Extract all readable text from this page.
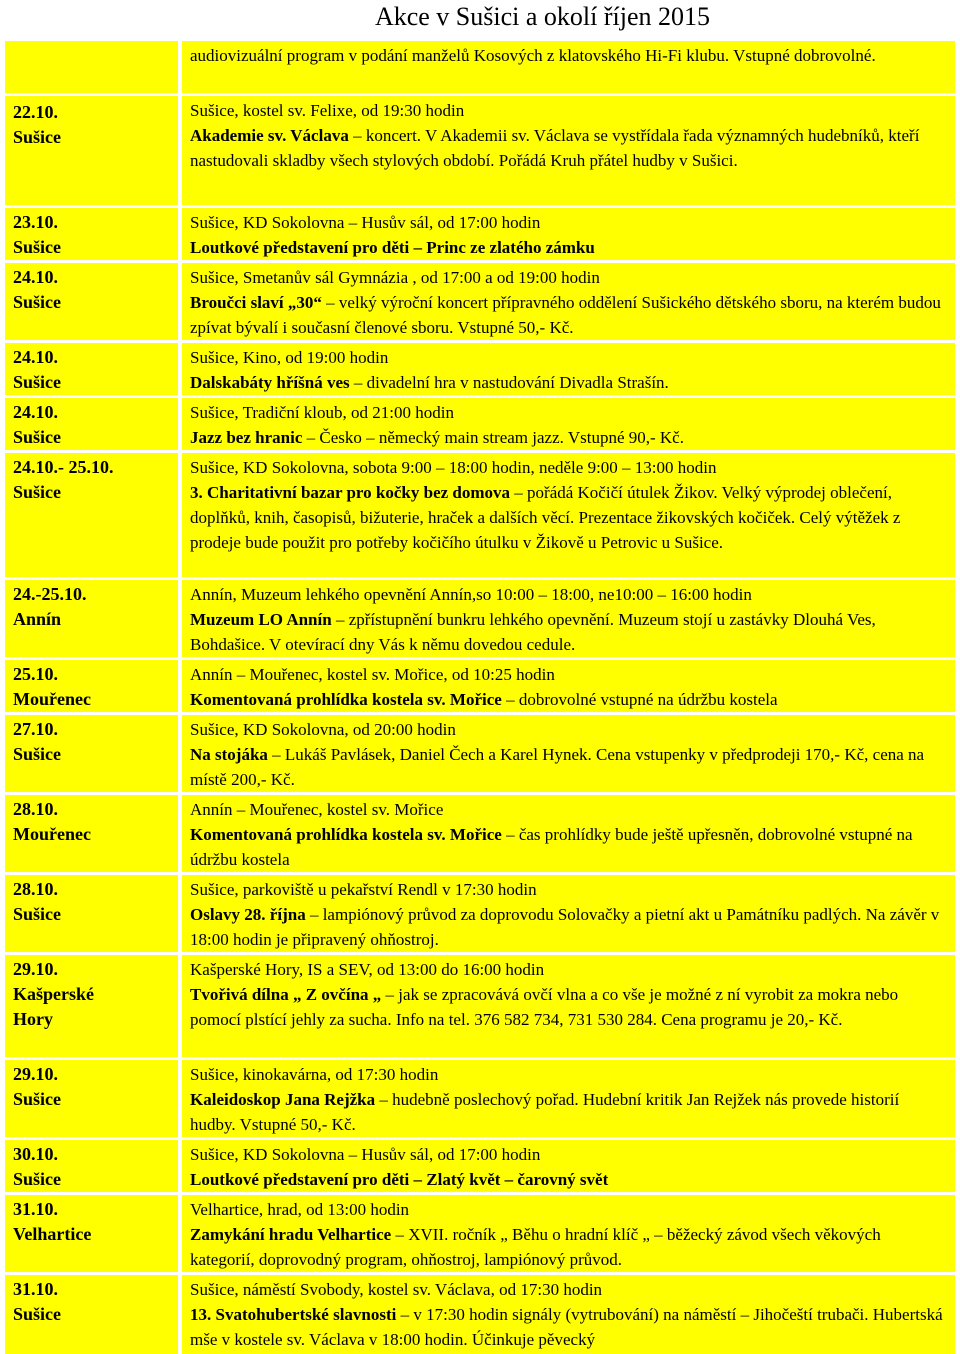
Akce v Sušici a okolí říjen 2015
audiovizuální program v podání manželů Kosových z klatovského Hi-Fi klubu. Vstupné dobrovolné.
22.10.
Sušice
Sušice, kostel sv. Felixe, od 19:30 hodin
Akademie sv. Václava – koncert. V Akademii sv. Václava se vystřídala řada významných hudebníků, kteří nastudovali skladby všech stylových období. Pořádá Kruh přátel hudby v Sušici.
23.10.
Sušice
Sušice, KD Sokolovna – Husův sál, od 17:00 hodin
Loutkové představení pro děti – Princ ze zlatého zámku
24.10.
Sušice
Sušice, Smetanův sál Gymnázia , od 17:00 a od 19:00 hodin
Broučci slaví „30“ – velký výroční koncert přípravného oddělení Sušického dětského sboru, na kterém budou zpívat bývalí i současní členové sboru. Vstupné 50,- Kč.
24.10.
Sušice
Sušice, Kino, od 19:00 hodin
Dalskabáty hříšná ves – divadelní hra v nastudování Divadla Strašín.
24.10.
Sušice
Sušice, Tradiční kloub, od 21:00 hodin
Jazz bez hranic – Česko – německý main stream jazz. Vstupné 90,- Kč.
24.10.- 25.10.
Sušice
Sušice, KD Sokolovna, sobota 9:00 – 18:00 hodin, neděle 9:00 – 13:00 hodin
3. Charitativní bazar pro kočky bez domova – pořádá Kočičí útulek Žikov. Velký výprodej oblečení, doplňků, knih, časopisů, bižuterie, hraček a dalších věcí. Prezentace žikovských kočiček. Celý výtěžek z prodeje bude použit pro potřeby kočičího útulku v Žikově u Petrovic u Sušice.
24.-25.10.
Annín
Annín, Muzeum lehkého opevnění Annín,so 10:00 – 18:00, ne10:00 – 16:00 hodin
Muzeum LO Annín – zpřístupnění bunkru lehkého opevnění. Muzeum stojí u zastávky Dlouhá Ves, Bohdašice. V otevírací dny Vás k němu dovedou cedule.
25.10.
Mouřenec
Annín – Mouřenec, kostel sv. Mořice, od 10:25 hodin
Komentovaná prohlídka kostela sv. Mořice – dobrovolné vstupné na údržbu kostela
27.10.
Sušice
Sušice, KD Sokolovna, od 20:00 hodin
Na stojáka – Lukáš Pavlásek, Daniel Čech a Karel Hynek. Cena vstupenky v předprodeji 170,- Kč, cena na místě 200,- Kč.
28.10.
Mouřenec
Annín – Mouřenec, kostel sv. Mořice
Komentovaná prohlídka kostela sv. Mořice – čas prohlídky bude ještě upřesněn, dobrovolné vstupné na údržbu kostela
28.10.
Sušice
Sušice, parkoviště u pekařství Rendl v 17:30 hodin
Oslavy 28. října – lampiónový průvod za doprovodu Solovačky a pietní akt u Památníku padlých. Na závěr v 18:00 hodin je připravený ohňostroj.
29.10.
Kašperské Hory
Kašperské Hory, IS a SEV, od 13:00 do 16:00 hodin
Tvořivá dílna „ Z ovčína „ – jak se zpracovává ovčí vlna a co vše je možné z ní vyrobit za mokra nebo pomocí plstící jehly za sucha. Info na tel. 376 582 734, 731 530 284. Cena programu je 20,- Kč.
29.10.
Sušice
Sušice, kinokavárna, od 17:30 hodin
Kaleidoskop Jana Rejžka – hudebně poslechový pořad. Hudební kritik Jan Rejžek nás provede historií hudby. Vstupné 50,- Kč.
30.10.
Sušice
Sušice, KD Sokolovna – Husův sál, od 17:00 hodin
Loutkové představení pro děti – Zlatý květ – čarovný svět
31.10.
Velhartice
Velhartice, hrad, od 13:00 hodin
Zamykání hradu Velhartice – XVII. ročník „ Běhu o hradní klíč „ – běžecký závod všech věkových kategorií, doprovodný program, ohňostroj, lampiónový průvod.
31.10.
Sušice
Sušice, náměstí Svobody, kostel sv. Václava, od 17:30 hodin
13. Svatohubertské slavnosti – v 17:30 hodin signály (vytrubování) na náměstí – Jihočeští trubači. Hubertská mše v kostele sv. Václava v 18:00 hodin. Účinkuje pěvecký
